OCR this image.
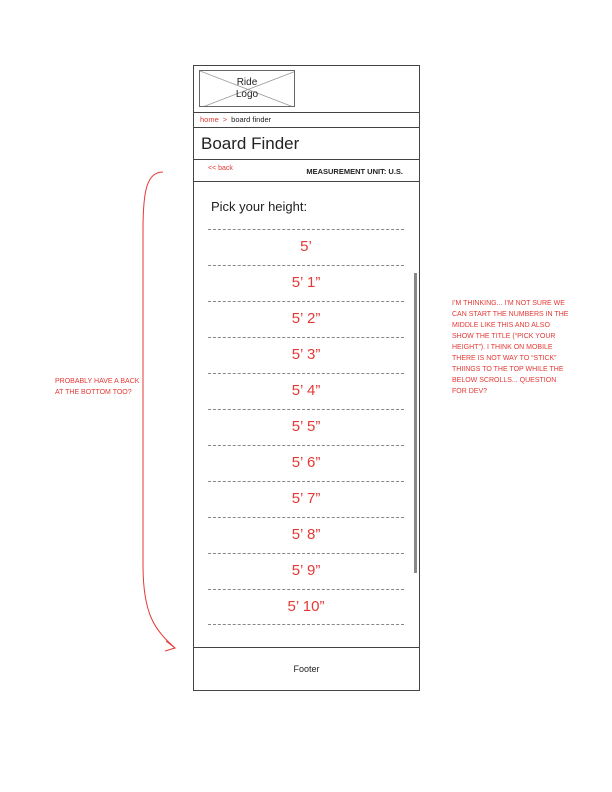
Ride
Logo
home > board finder
Board Finder
<< back	MEASUREMENT UNIT: U.S.
Pick your height:
5’
5’ 1”
5’ 2”
5’ 3”
5’ 4”
5’ 5”
5’ 6”
5’ 7”
5’ 8”
5’ 9”
5’ 10”
Footer
PROBABLY HAVE A BACK AT THE BOTTOM TOO?
I’M THINKING... I’M NOT SURE WE CAN START THE NUMBERS IN THE MIDDLE LIKE THIS AND ALSO SHOW THE TITLE (“PICK YOUR HEIGHT”). I THINK ON MOBILE THERE IS NOT WAY TO “STICK” THIINGS TO THE TOP WHILE THE BELOW SCROLLS... QUESTION FOR DEV?
